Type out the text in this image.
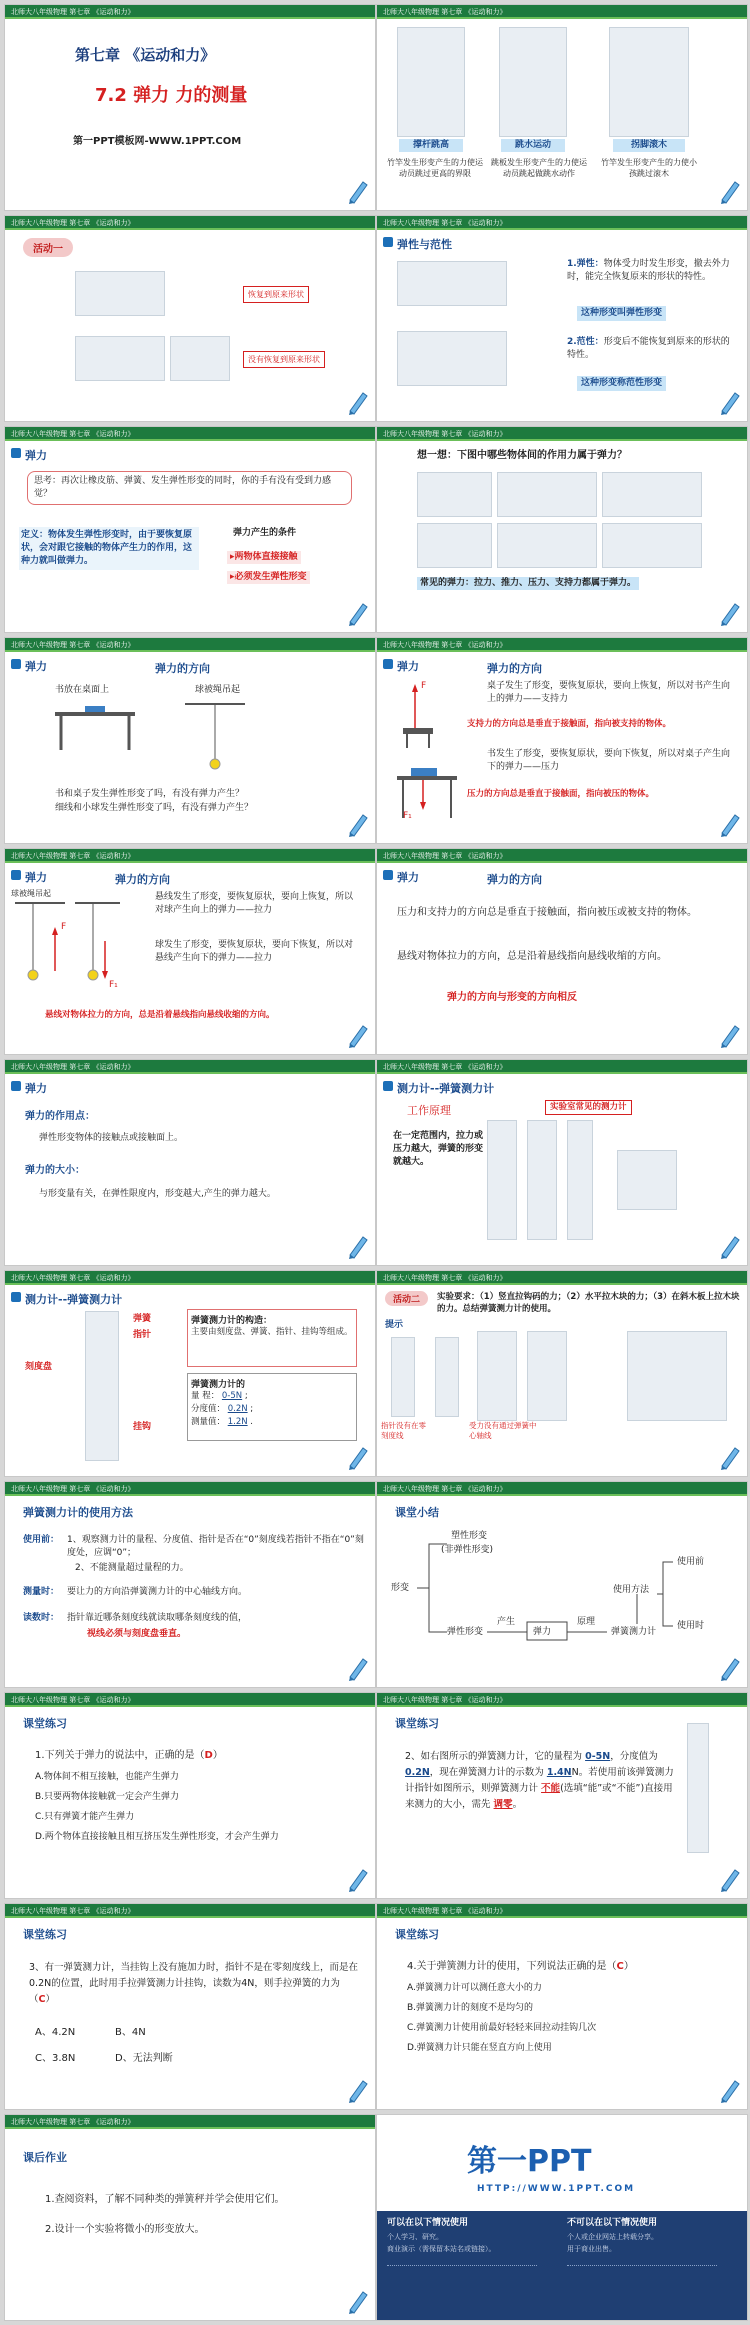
北师大八年级物理 第七章 《运动和力》
第七章 《运动和力》
7.2 弹力 力的测量
第一PPT模板网-WWW.1PPT.COM
北师大八年级物理 第七章 《运动和力》
撑杆跳高	跳水运动	拐脚滚木
竹竿发生形变产生的力使运动员跳过更高的界限
跳板发生形变产生的力使运动员跳起做跳水动作
竹竿发生形变产生的力使小孩跳过滚木
北师大八年级物理 第七章 《运动和力》
活动一
恢复到原来形状
没有恢复到原来形状
北师大八年级物理 第七章 《运动和力》
弹性与范性
1.弹性：物体受力时发生形变，撤去外力时，能完全恢复原来的形状的特性。
这种形变叫弹性形变
2.范性：形变后不能恢复到原来的形状的特性。
这种形变称范性形变
北师大八年级物理 第七章 《运动和力》
弹力
思考：再次让橡皮筋、弹簧、发生弹性形变的同时，你的手有没有受到力感觉？
定义：物体发生弹性形变时，由于要恢复原状，会对跟它接触的物体产生力的作用，这种力就叫做弹力。
弹力产生的条件
▸两物体直接接触
▸必须发生弹性形变
北师大八年级物理 第七章 《运动和力》
想一想：下图中哪些物体间的作用力属于弹力？
常见的弹力：拉力、推力、压力、支持力都属于弹力。
北师大八年级物理 第七章 《运动和力》
弹力	弹力的方向
书放在桌面上	球被绳吊起
书和桌子发生弹性形变了吗，有没有弹力产生？
细线和小球发生弹性形变了吗，有没有弹力产生？
北师大八年级物理 第七章 《运动和力》
弹力	弹力的方向
F
F₁
桌子发生了形变，要恢复原状，要向上恢复，所以对书产生向上的弹力——支持力
支持力的方向总是垂直于接触面，指向被支持的物体。
书发生了形变，要恢复原状，要向下恢复，所以对桌子产生向下的弹力——压力
压力的方向总是垂直于接触面，指向被压的物体。
北师大八年级物理 第七章 《运动和力》
弹力	弹力的方向
球被绳吊起
F
F₁
悬线发生了形变，要恢复原状，要向上恢复，所以对球产生向上的弹力——拉力
球发生了形变，要恢复原状，要向下恢复，所以对悬线产生向下的弹力——拉力
悬线对物体拉力的方向，总是沿着悬线指向悬线收缩的方向。
北师大八年级物理 第七章 《运动和力》
弹力	弹力的方向
压力和支持力的方向总是垂直于接触面，指向被压或被支持的物体。
悬线对物体拉力的方向，总是沿着悬线指向悬线收缩的方向。
弹力的方向与形变的方向相反
北师大八年级物理 第七章 《运动和力》
弹力
弹力的作用点：
弹性形变物体的接触点或接触面上。
弹力的大小：
与形变量有关，在弹性限度内，形变越大,产生的弹力越大。
北师大八年级物理 第七章 《运动和力》
测力计--弹簧测力计
工作原理
在一定范围内，拉力或压力越大，弹簧的形变就越大。
实验室常见的测力计
北师大八年级物理 第七章 《运动和力》
测力计--弹簧测力计
弹簧
指针
刻度盘
挂钩
弹簧测力计的构造：
主要由刻度盘、弹簧、指针、挂钩等组成。
弹簧测力计的
量 程： 0-5N ;
分度值： 0.2N ;
测量值： 1.2N .
北师大八年级物理 第七章 《运动和力》
活动二	实验要求：（1）竖直拉钩码的力；（2）水平拉木块的力；（3）在斜木板上拉木块的力。总结弹簧测力计的使用。
提示
指针没有在零刻度线
受力没有通过弹簧中心轴线
北师大八年级物理 第七章 《运动和力》
弹簧测力计的使用方法
使用前： 1、观察测力计的量程、分度值、指针是否在“0”刻度线若指针不指在“0”刻度处，应调“0”；
2、不能测量超过量程的力。
测量时： 要让力的方向沿弹簧测力计的中心轴线方向。
读数时： 指针靠近哪条刻度线就读取哪条刻度线的值，
视线必须与刻度盘垂直。
北师大八年级物理 第七章 《运动和力》
课堂小结
塑性形变
(非弹性形变)
形变
弹性形变
产生
弹力
原理
弹簧测力计
使用方法
使用前
使用时
北师大八年级物理 第七章 《运动和力》
课堂练习
1.下列关于弹力的说法中，正确的是（D）
A.物体间不相互接触，也能产生弹力
B.只要两物体接触就一定会产生弹力
C.只有弹簧才能产生弹力
D.两个物体直接接触且相互挤压发生弹性形变，才会产生弹力
北师大八年级物理 第七章 《运动和力》
课堂练习
2、如右图所示的弹簧测力计，它的量程为 0-5N，分度值为 0.2N，现在弹簧测力计的示数为 1.4NN。若使用前该弹簧测力计指针如图所示，则弹簧测力计 不能(选填“能”或“不能”)直接用来测力的大小，需先 调零。
北师大八年级物理 第七章 《运动和力》
课堂练习
3、有一弹簧测力计，当挂钩上没有施加力时，指针不是在零刻度线上，而是在0.2N的位置，此时用手拉弹簧测力计挂钩，读数为4N，则手拉弹簧的力为（C）
A、4.2N	B、4N
C、3.8N	D、无法判断
北师大八年级物理 第七章 《运动和力》
课堂练习
4.关于弹簧测力计的使用，下列说法正确的是（C）
A.弹簧测力计可以测任意大小的力
B.弹簧测力计的刻度不是均匀的
C.弹簧测力计使用前最好轻轻来回拉动挂钩几次
D.弹簧测力计只能在竖直方向上使用
北师大八年级物理 第七章 《运动和力》
课后作业
1.查阅资料，了解不同种类的弹簧秤并学会使用它们。
2.设计一个实验将微小的形变放大。
第一PPT
HTTP://WWW.1PPT.COM
可以在以下情况使用
个人学习、研究。
商业演示（需保留本站名或链接）。
不可以在以下情况使用
个人或企业网站上转载分享。
用于商业出售。
